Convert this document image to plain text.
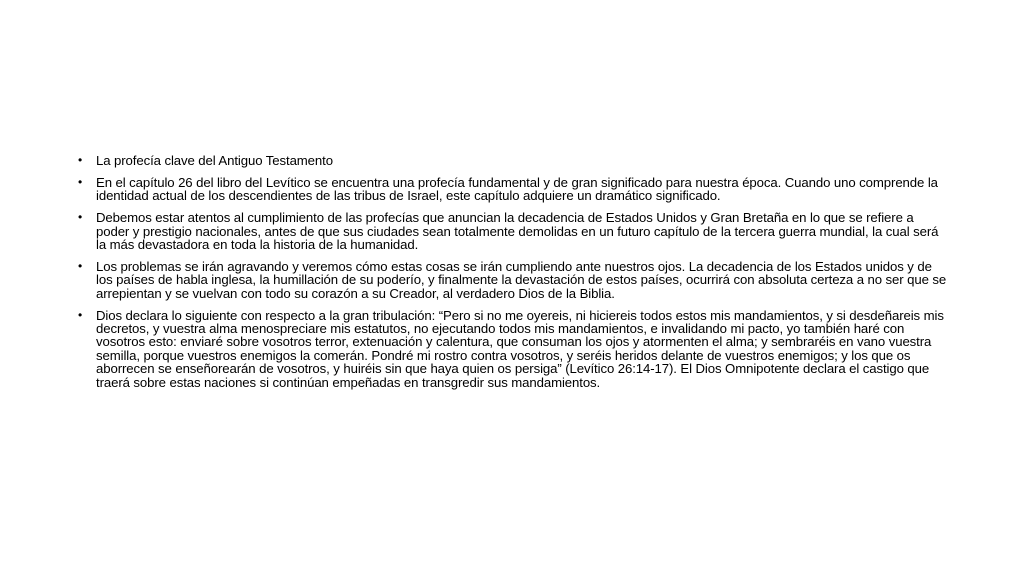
• La profecía clave del Antiguo Testamento
• En el capítulo 26 del libro del Levítico se encuentra una profecía fundamental y de gran significado para nuestra época. Cuando uno comprende la identidad actual de los descendientes de las tribus de Israel, este capítulo adquiere un dramático significado.
• Debemos estar atentos al cumplimiento de las profecías que anuncian la decadencia de Estados Unidos y Gran Bretaña en lo que se refiere a poder y prestigio nacionales, antes de que sus ciudades sean totalmente demolidas en un futuro capítulo de la tercera guerra mundial, la cual será la más devastadora en toda la historia de la humanidad.
• Los problemas se irán agravando y veremos cómo estas cosas se irán cumpliendo ante nuestros ojos. La decadencia de los Estados unidos y de los países de habla inglesa, la humillación de su poderío, y finalmente la devastación de estos países, ocurrirá con absoluta certeza a no ser que se arrepientan y se vuelvan con todo su corazón a su Creador, al verdadero Dios de la Biblia.
• Dios declara lo siguiente con respecto a la gran tribulación: “Pero si no me oyereis, ni hiciereis todos estos mis mandamientos, y si desdeñareis mis decretos, y vuestra alma menospreciare mis estatutos, no ejecutando todos mis mandamientos, e invalidando mi pacto, yo también haré con vosotros esto: enviaré sobre vosotros terror, extenuación y calentura, que consuman los ojos y atormenten el alma; y sembraréis en vano vuestra semilla, porque vuestros enemigos la comerán. Pondré mi rostro contra vosotros, y seréis heridos delante de vuestros enemigos; y los que os aborrecen se enseñorearán de vosotros, y huiréis sin que haya quien os persiga” (Levítico 26:14-17). El Dios Omnipotente declara el castigo que traerá sobre estas naciones si continúan empeñadas en transgredir sus mandamientos.
